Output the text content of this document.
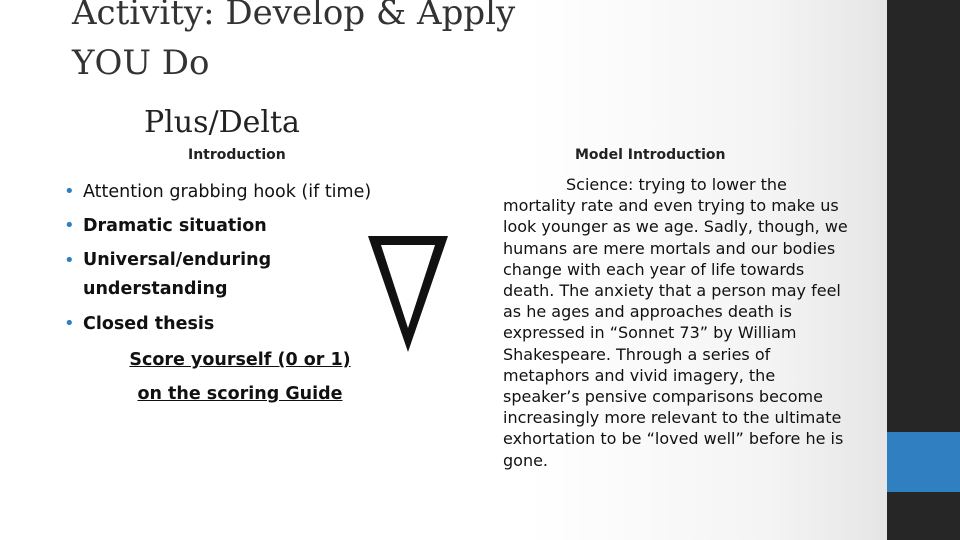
Activity: Develop & Apply
YOU Do
Plus/Delta
Introduction	Model Introduction
• Attention grabbing hook (if time)
• Dramatic situation
• Universal/enduring understanding
• Closed thesis
Score yourself (0 or 1)
on the scoring Guide
Science: trying to lower the mortality rate and even trying to make us look younger as we age. Sadly, though, we humans are mere mortals and our bodies change with each year of life towards death. The anxiety that a person may feel as he ages and approaches death is expressed in “Sonnet 73” by William Shakespeare. Through a series of metaphors and vivid imagery, the speaker’s pensive comparisons become increasingly more relevant to the ultimate exhortation to be “loved well” before he is gone.
